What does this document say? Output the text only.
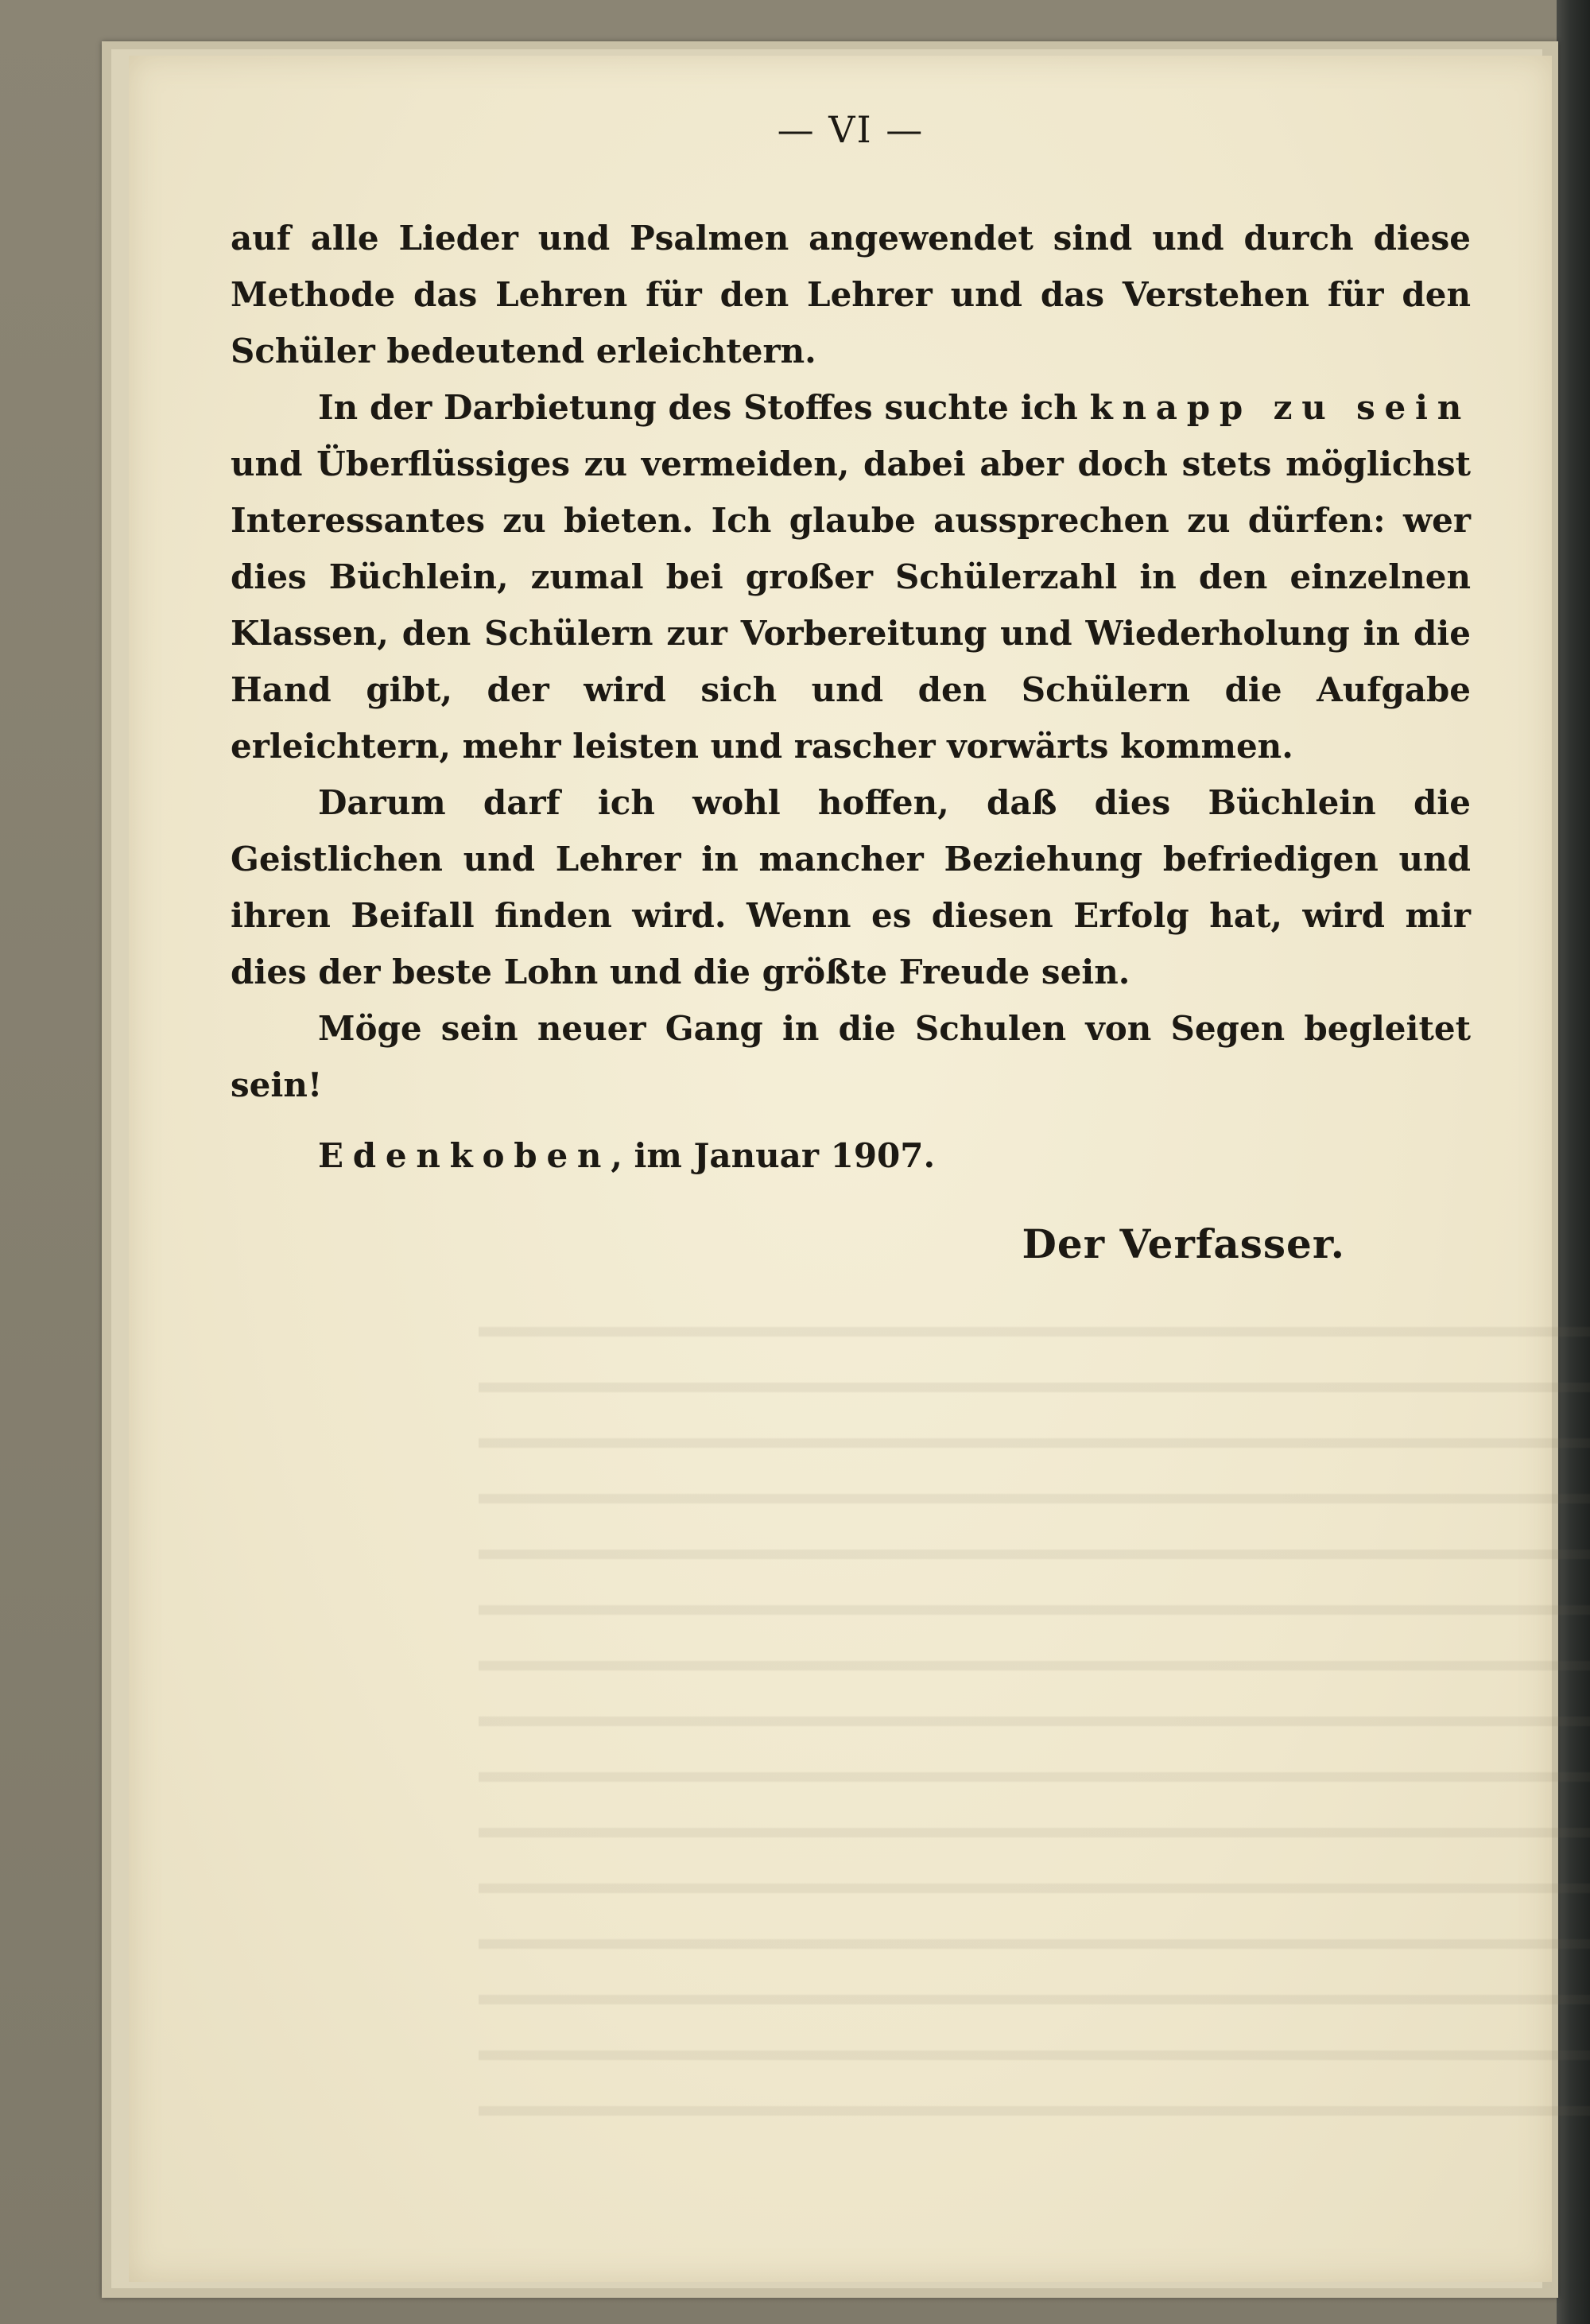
— VI —

auf alle Lieder und Psalmen angewendet sind und durch diese Methode das Lehren für den Lehrer und das Verstehen für den Schüler bedeutend erleichtern.

In der Darbietung des Stoffes suchte ich knapp zu sein und Überflüssiges zu vermeiden, dabei aber doch stets möglichst Interessantes zu bieten. Ich glaube aussprechen zu dürfen: wer dies Büchlein, zumal bei großer Schülerzahl in den einzelnen Klassen, den Schülern zur Vorbereitung und Wiederholung in die Hand gibt, der wird sich und den Schülern die Aufgabe erleichtern, mehr leisten und rascher vorwärts kommen.

Darum darf ich wohl hoffen, daß dies Büchlein die Geistlichen und Lehrer in mancher Beziehung befriedigen und ihren Beifall finden wird. Wenn es diesen Erfolg hat, wird mir dies der beste Lohn und die größte Freude sein.

Möge sein neuer Gang in die Schulen von Segen begleitet sein!

Edenkoben, im Januar 1907.
Der Verfasser.
